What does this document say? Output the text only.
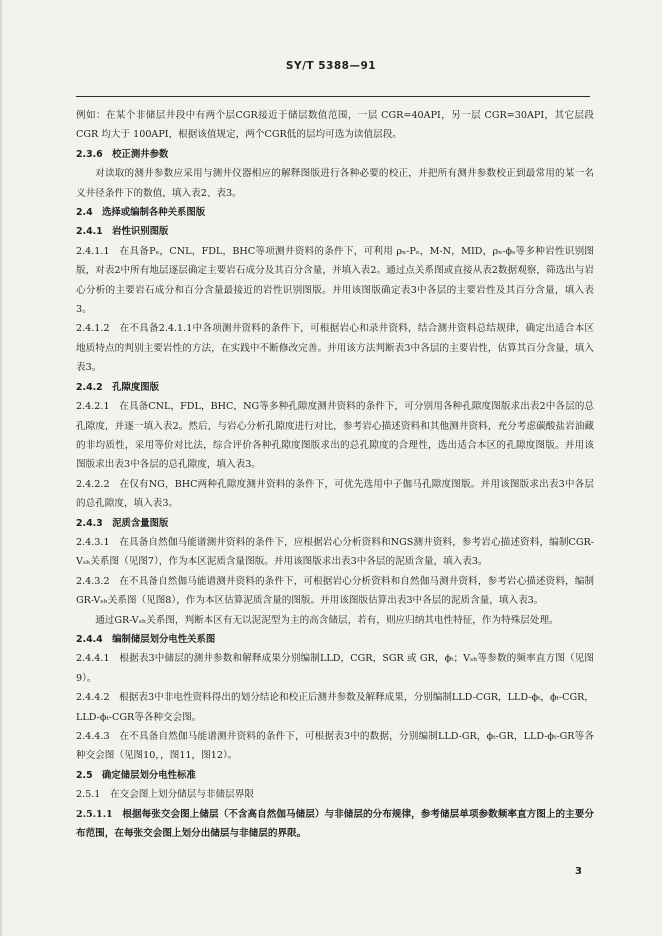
SY/T 5388—91

例如：在某个非储层井段中有两个层CGR接近于储层数值范围，一层 CGR=40API，另一层 CGR=30API，其它层段 CGR 均大于 100API，根据该值规定，两个CGR低的层均可选为读值层段。

2.3.6　校正测井参数

对读取的测井参数应采用与测井仪器相应的解释图版进行各种必要的校正，并把所有测井参数校正到最常用的某一名义井径条件下的数值，填入表2、表3。

2.4　选择或编制各种关系图版

2.4.1　岩性识别图版

2.4.1.1　在具备Pₑ，CNL，FDL，BHC等项测井资料的条件下，可利用 ρₙ-Pₑ，M-N，MID，ρₙ-ϕₛ等多种岩性识别图版，对表2中所有地层逐层确定主要岩石成分及其百分含量，并填入表2。通过点关系图或直接从表2数据观察，筛选出与岩心分析的主要岩石成分和百分含量最接近的岩性识别图版。并用该图版确定表3中各层的主要岩性及其百分含量，填入表3。

2.4.1.2　在不具备2.4.1.1中各项测井资料的条件下，可根据岩心和录井资料，结合测井资料总结规律，确定出适合本区地质特点的判别主要岩性的方法，在实践中不断修改完善。并用该方法判断表3中各层的主要岩性，估算其百分含量，填入表3。

2.4.2　孔隙度图版

2.4.2.1　在具备CNL，FDL，BHC，NG等多种孔隙度测井资料的条件下，可分别用各种孔隙度图版求出表2中各层的总孔隙度，并逐一填入表2。然后，与岩心分析孔隙度进行对比，参考岩心描述资料和其他测井资料，充分考虑碳酸盐岩油藏的非均质性，采用等价对比法，综合评价各种孔隙度图版求出的总孔隙度的合理性，选出适合本区的孔隙度图版。并用该图版求出表3中各层的总孔隙度，填入表3。

2.4.2.2　在仅有NG，BHC两种孔隙度测井资料的条件下，可优先选用中子伽马孔隙度图版。并用该图版求出表3中各层的总孔隙度，填入表3。

2.4.3　泥质含量图版

2.4.3.1　在具备自然伽马能谱测井资料的条件下，应根据岩心分析资料和NGS测井资料，参考岩心描述资料，编制CGR-Vₛₕ关系图（见图7），作为本区泥质含量图版。并用该图版求出表3中各层的泥质含量，填入表3。

2.4.3.2　在不具备自然伽马能谱测井资料的条件下，可根据岩心分析资料和自然伽马测井资料，参考岩心描述资料，编制GR-Vₛₕ关系图（见图8），作为本区估算泥质含量的图版。并用该图版估算出表3中各层的泥质含量，填入表3。

通过GR-Vₛₕ关系图，判断本区有无以泥泥型为主的高含储层，若有，则应归纳其电性特征，作为特殊层处理。

2.4.4　编制储层划分电性关系图

2.4.4.1　根据表3中储层的测井参数和解释成果分别编制LLD，CGR，SGR 或 GR，ϕₜ；Vₛₕ等参数的频率直方图（见图9）。

2.4.4.2　根据表3中非电性资料得出的划分结论和校正后测井参数及解释成果，分别编制LLD-CGR，LLD-ϕₜ，ϕₜ-CGR，LLD-ϕₜ-CGR等各种交会图。

2.4.4.3　在不具备自然伽马能谱测井资料的条件下，可根据表3中的数据，分别编制LLD-GR，ϕₜ-GR，LLD-ϕₜ-GR等各种交会图（见图10，，图11，图12）。

2.5　确定储层划分电性标准

2.5.1　在交会图上划分储层与非储层界限

2.5.1.1　根据每张交会图上储层（不含高自然伽马储层）与非储层的分布规律，参考储层单项参数频率直方图上的主要分布范围，在每张交会图上划分出储层与非储层的界限。

3
